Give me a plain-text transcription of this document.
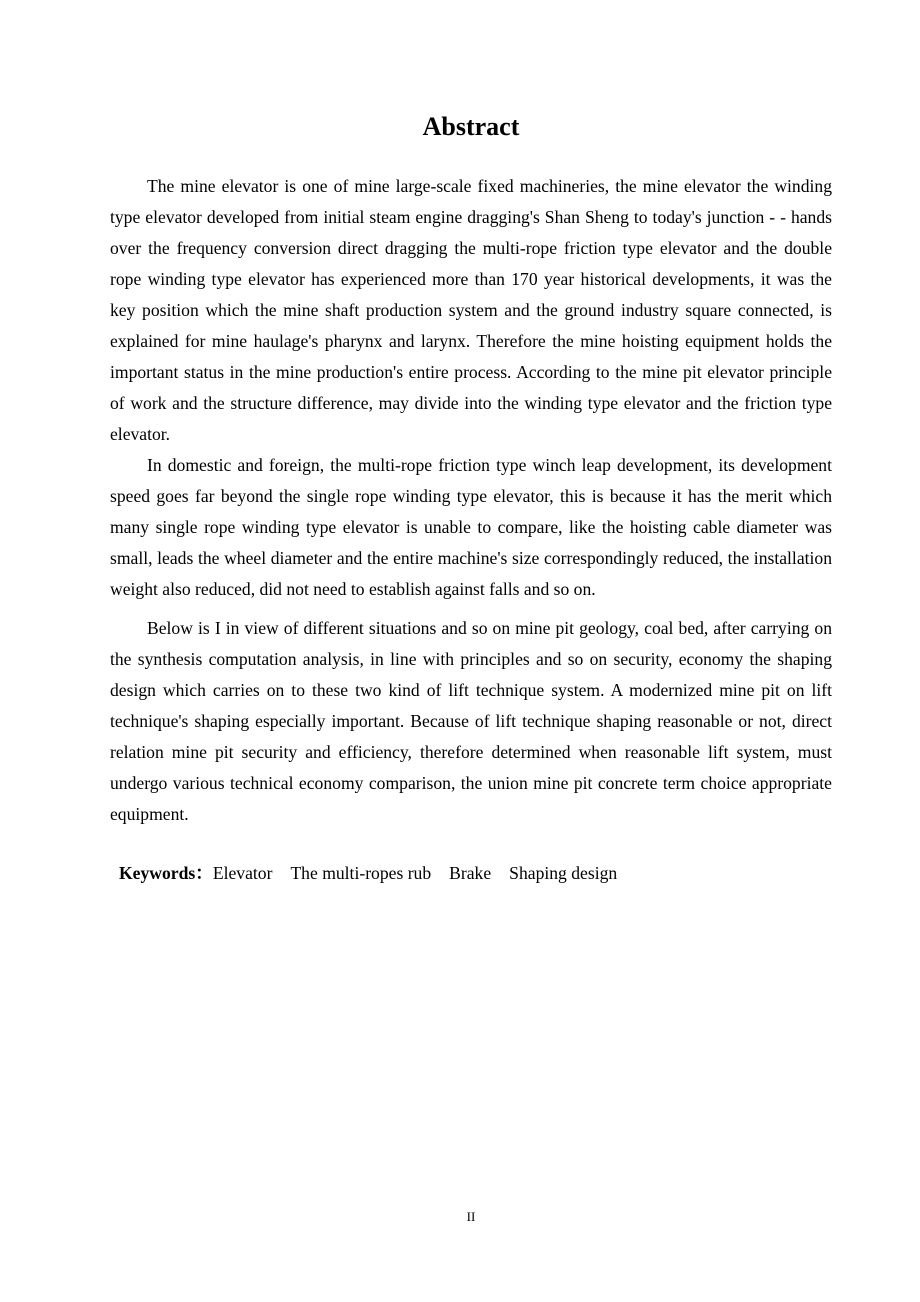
Abstract

The mine elevator is one of mine large-scale fixed machineries, the mine elevator the winding type elevator developed from initial steam engine dragging's Shan Sheng to today's junction - - hands over the frequency conversion direct dragging the multi-rope friction type elevator and the double rope winding type elevator has experienced more than 170 year historical developments, it was the key position which the mine shaft production system and the ground industry square connected, is explained for mine haulage's pharynx and larynx. Therefore the mine hoisting equipment holds the important status in the mine production's entire process. According to the mine pit elevator principle of work and the structure difference, may divide into the winding type elevator and the friction type elevator.

In domestic and foreign, the multi-rope friction type winch leap development, its development speed goes far beyond the single rope winding type elevator, this is because it has the merit which many single rope winding type elevator is unable to compare, like the hoisting cable diameter was small, leads the wheel diameter and the entire machine's size correspondingly reduced, the installation weight also reduced, did not need to establish against falls and so on.

Below is I in view of different situations and so on mine pit geology, coal bed, after carrying on the synthesis computation analysis, in line with principles and so on security, economy the shaping design which carries on to these two kind of lift technique system. A modernized mine pit on lift technique's shaping especially important. Because of lift technique shaping reasonable or not, direct relation mine pit security and efficiency, therefore determined when reasonable lift system, must undergo various technical economy comparison, the union mine pit concrete term choice appropriate equipment.

Keywords：Elevator The multi-ropes rub Brake Shaping design
II
